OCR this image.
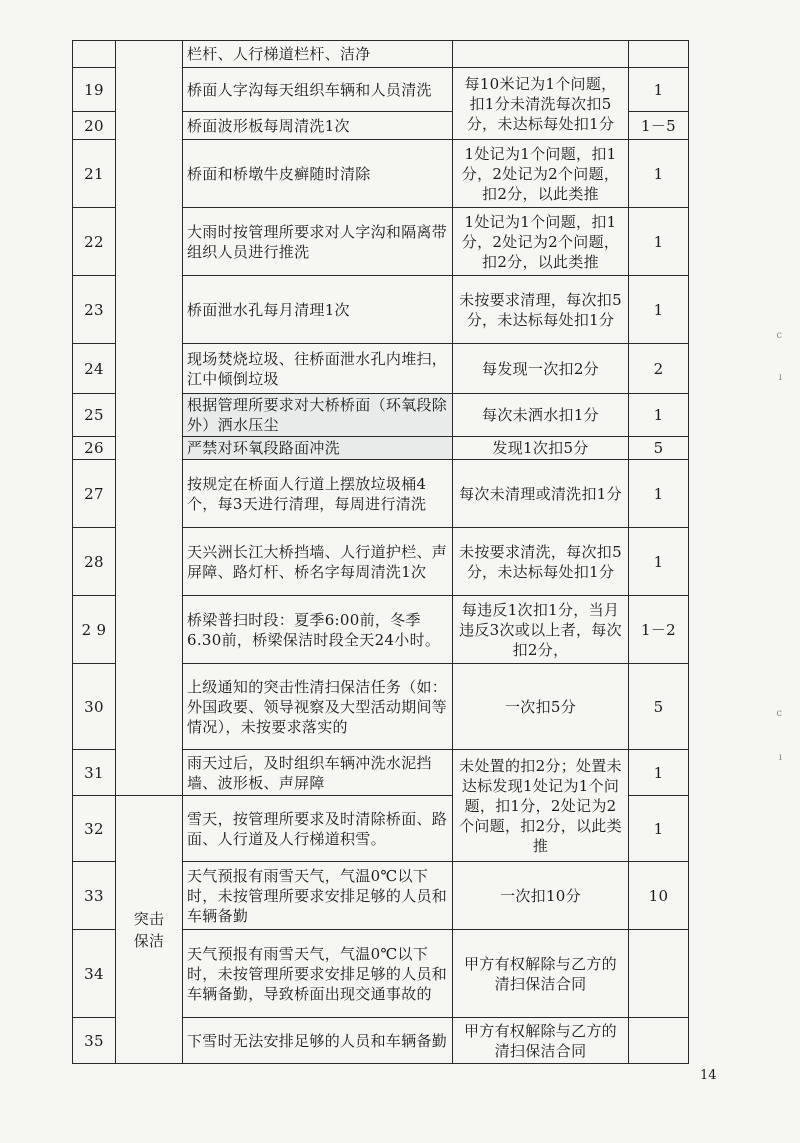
		栏杆、人行梯道栏杆、洁净		
19		桥面人字沟每天组织车辆和人员清洗	每10米记为1个问题，扣1分未清洗每次扣5分，未达标每处扣1分	1
20		桥面波形板每周清洗1次		1－5
21		桥面和桥墩牛皮癣随时清除	1处记为1个问题，扣1分，2处记为2个问题，扣2分，以此类推	1
22		大雨时按管理所要求对人字沟和隔离带组织人员进行推洗	1处记为1个问题，扣1分，2处记为2个问题，扣2分，以此类推	1
23		桥面泄水孔每月清理1次	未按要求清理，每次扣5分，未达标每处扣1分	1
24		现场焚烧垃圾、往桥面泄水孔内堆扫，江中倾倒垃圾	每发现一次扣2分	2
25		根据管理所要求对大桥桥面（环氧段除外）洒水压尘	每次未洒水扣1分	1
26		严禁对环氧段路面冲洗	发现1次扣5分	5
27		按规定在桥面人行道上摆放垃圾桶4个，每3天进行清理，每周进行清洗	每次未清理或清洗扣1分	1
28		天兴洲长江大桥挡墙、人行道护栏、声屏障、路灯杆、桥名字每周清洗1次	未按要求清洗，每次扣5分，未达标每处扣1分	1
2 9		桥梁普扫时段：夏季6:00前，冬季6.30前，桥梁保洁时段全天24小时。	每违反1次扣1分，当月违反3次或以上者，每次扣2分，	1－2
30		上级通知的突击性清扫保洁任务（如：外国政要、领导视察及大型活动期间等情况），未按要求落实的	一次扣5分	5
31		雨天过后，及时组织车辆冲洗水泥挡墙、波形板、声屏障	未处置的扣2分；处置未达标发现1处记为1个问题，扣1分，2处记为2个问题，扣2分，以此类推	1
32	突击保洁	雪天，按管理所要求及时清除桥面、路面、人行道及人行梯道积雪。		1
33		天气预报有雨雪天气，气温0℃以下时，未按管理所要求安排足够的人员和车辆备勤	一次扣10分	10
34		天气预报有雨雪天气，气温0℃以下时，未按管理所要求安排足够的人员和车辆备勤，导致桥面出现交通事故的	甲方有权解除与乙方的清扫保洁合同	
35		下雪时无法安排足够的人员和车辆备勤	甲方有权解除与乙方的清扫保洁合同	
14
c
ı
c
ı
